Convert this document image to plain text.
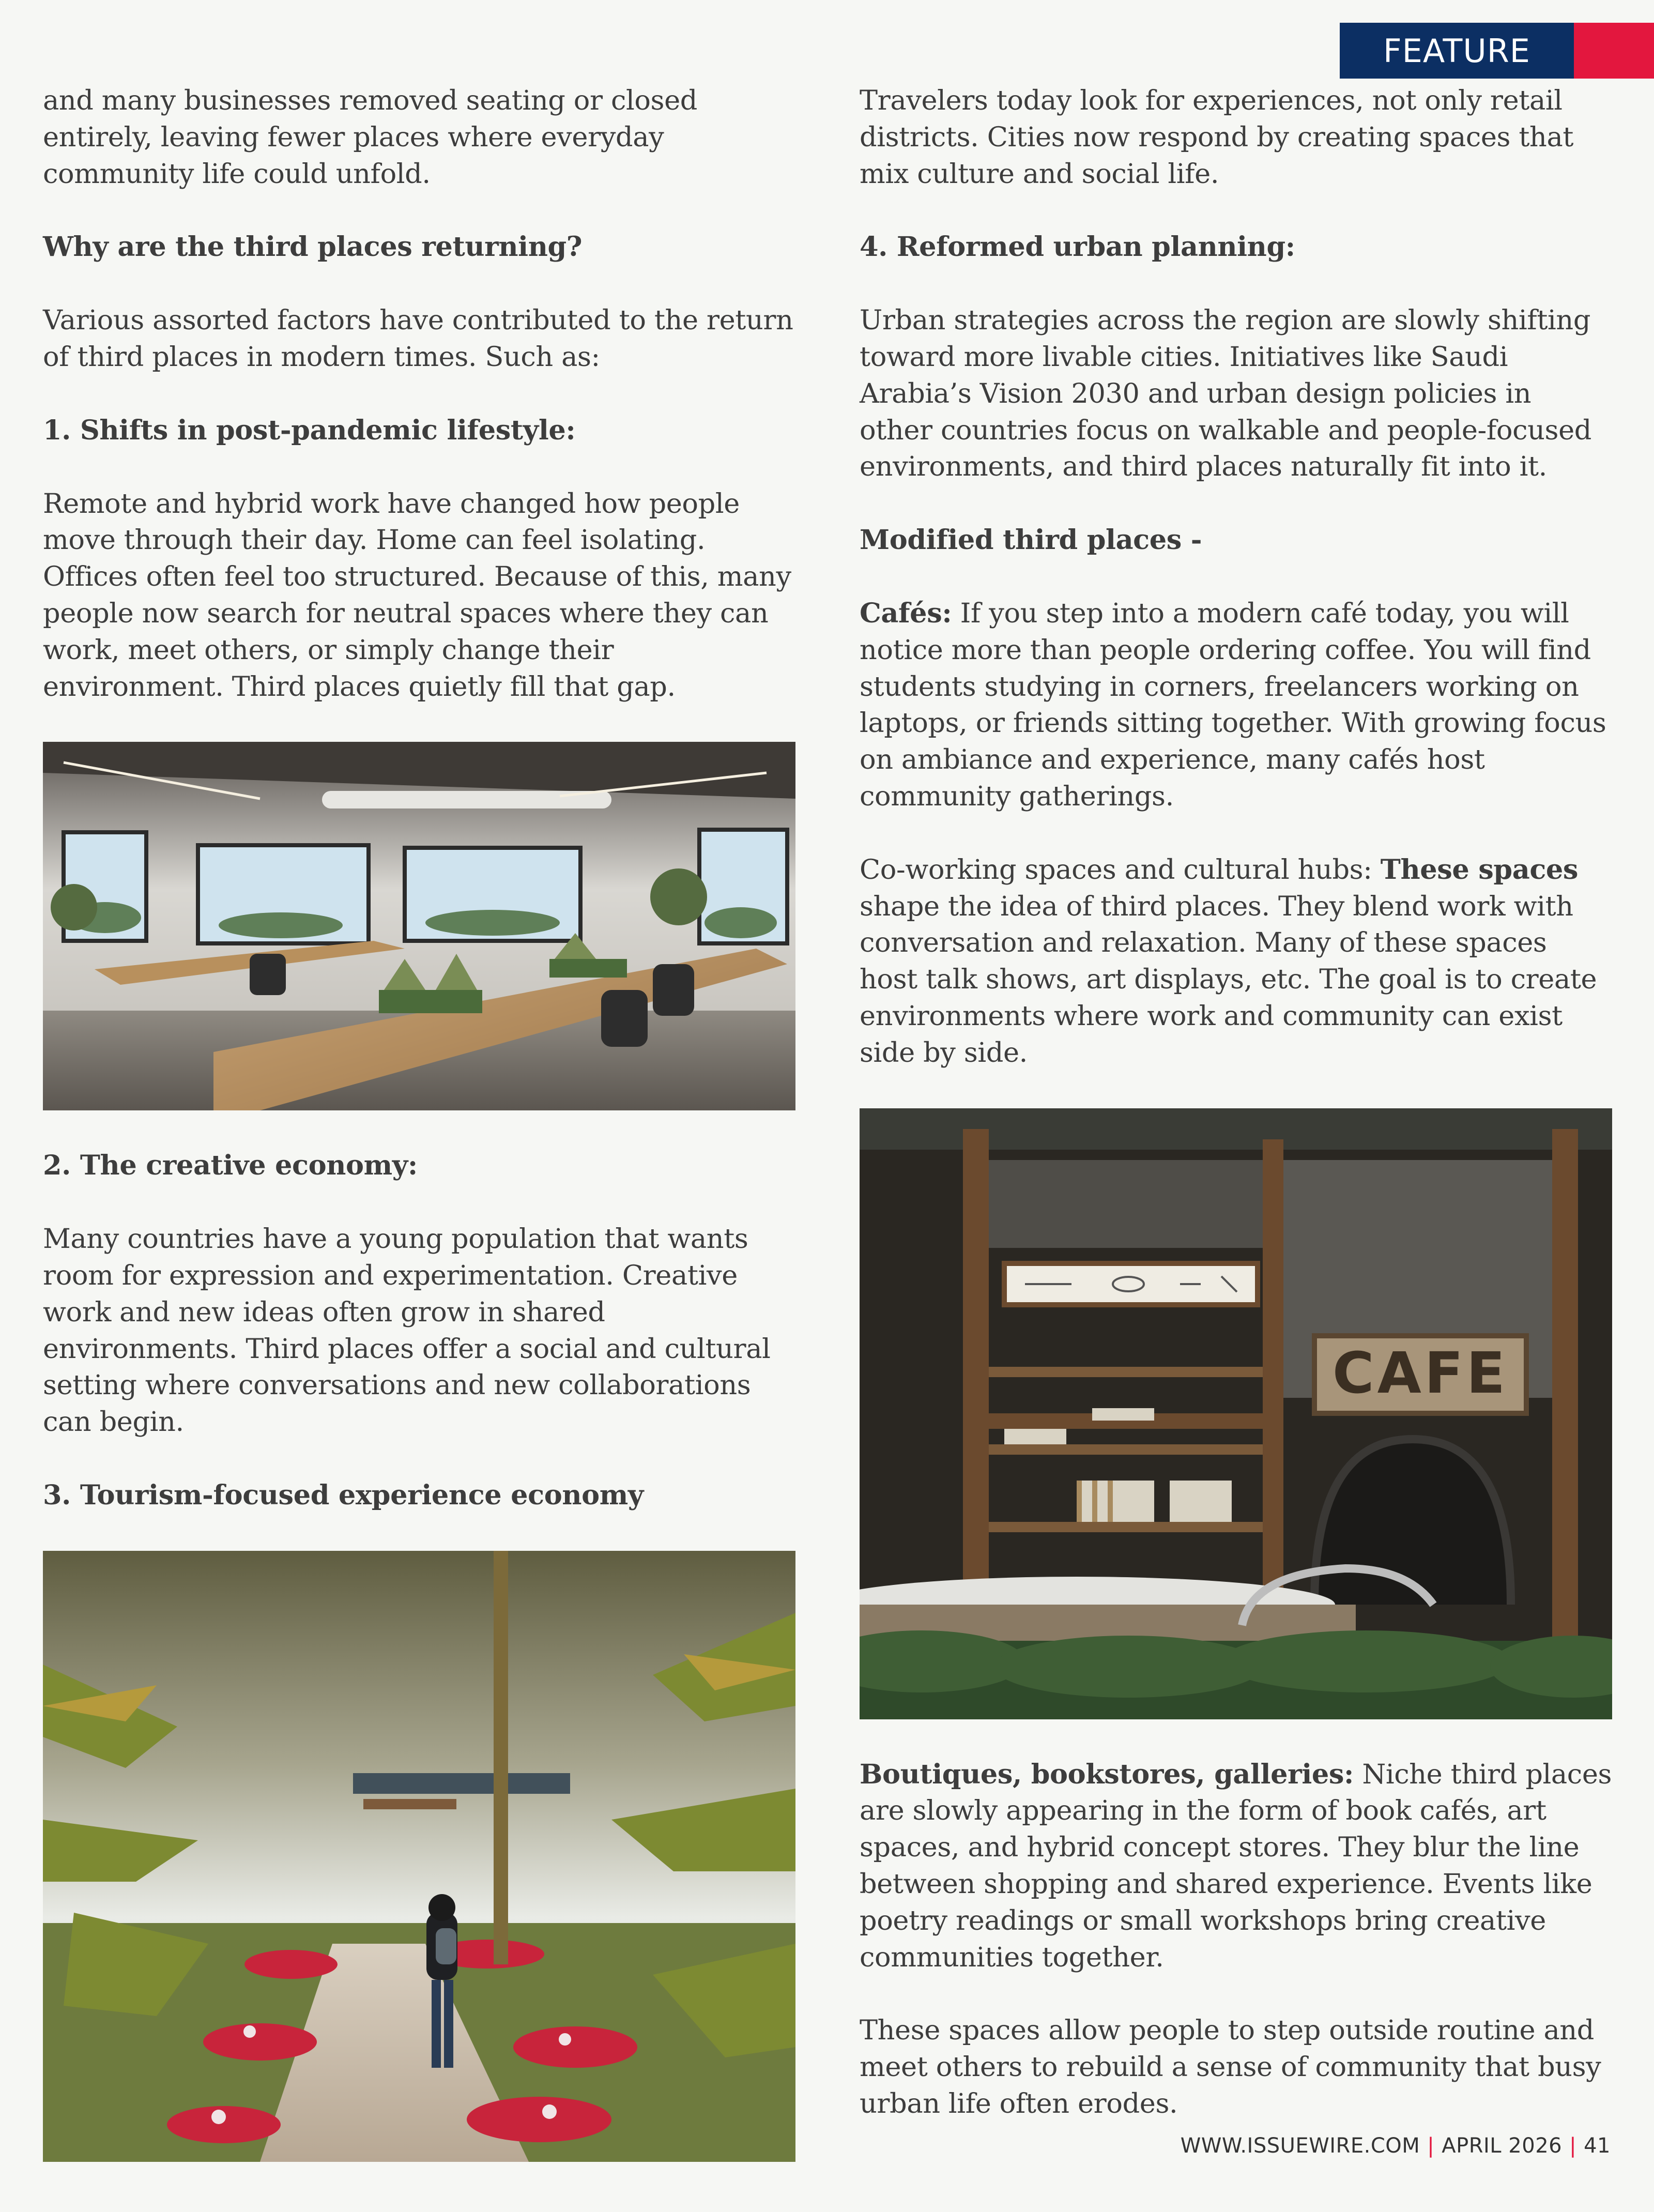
FEATURE

and many businesses removed seating or closed entirely, leaving fewer places where everyday community life could unfold.

Why are the third places returning?

Various assorted factors have contributed to the return of third places in modern times. Such as:

1. Shifts in post-pandemic lifestyle:

Remote and hybrid work have changed how people move through their day. Home can feel isolating. Offices often feel too structured. Because of this, many people now search for neutral spaces where they can work, meet others, or simply change their environment. Third places quietly fill that gap.

2. The creative economy:

Many countries have a young population that wants room for expression and experimentation. Creative work and new ideas often grow in shared environments. Third places offer a social and cultural setting where conversations and new collaborations can begin.

3. Tourism-focused experience economy

Travelers today look for experiences, not only retail districts. Cities now respond by creating spaces that mix culture and social life.

4. Reformed urban planning:

Urban strategies across the region are slowly shifting toward more livable cities. Initiatives like Saudi Arabia’s Vision 2030 and urban design policies in other countries focus on walkable and people-focused environments, and third places naturally fit into it.

Modified third places -

Cafés: If you step into a modern café today, you will notice more than people ordering coffee. You will find students studying in corners, freelancers working on laptops, or friends sitting together. With growing focus on ambiance and experience, many cafés host community gatherings.

Co-working spaces and cultural hubs: These spaces shape the idea of third places. They blend work with conversation and relaxation. Many of these spaces host talk shows, art displays, etc. The goal is to create environments where work and community can exist side by side.

CAFE

Boutiques, bookstores, galleries: Niche third places are slowly appearing in the form of book cafés, art spaces, and hybrid concept stores. They blur the line between shopping and shared experience. Events like poetry readings or small workshops bring creative communities together.

These spaces allow people to step outside routine and meet others to rebuild a sense of community that busy urban life often erodes.

WWW.ISSUEWIRE.COM | APRIL 2026 | 41
